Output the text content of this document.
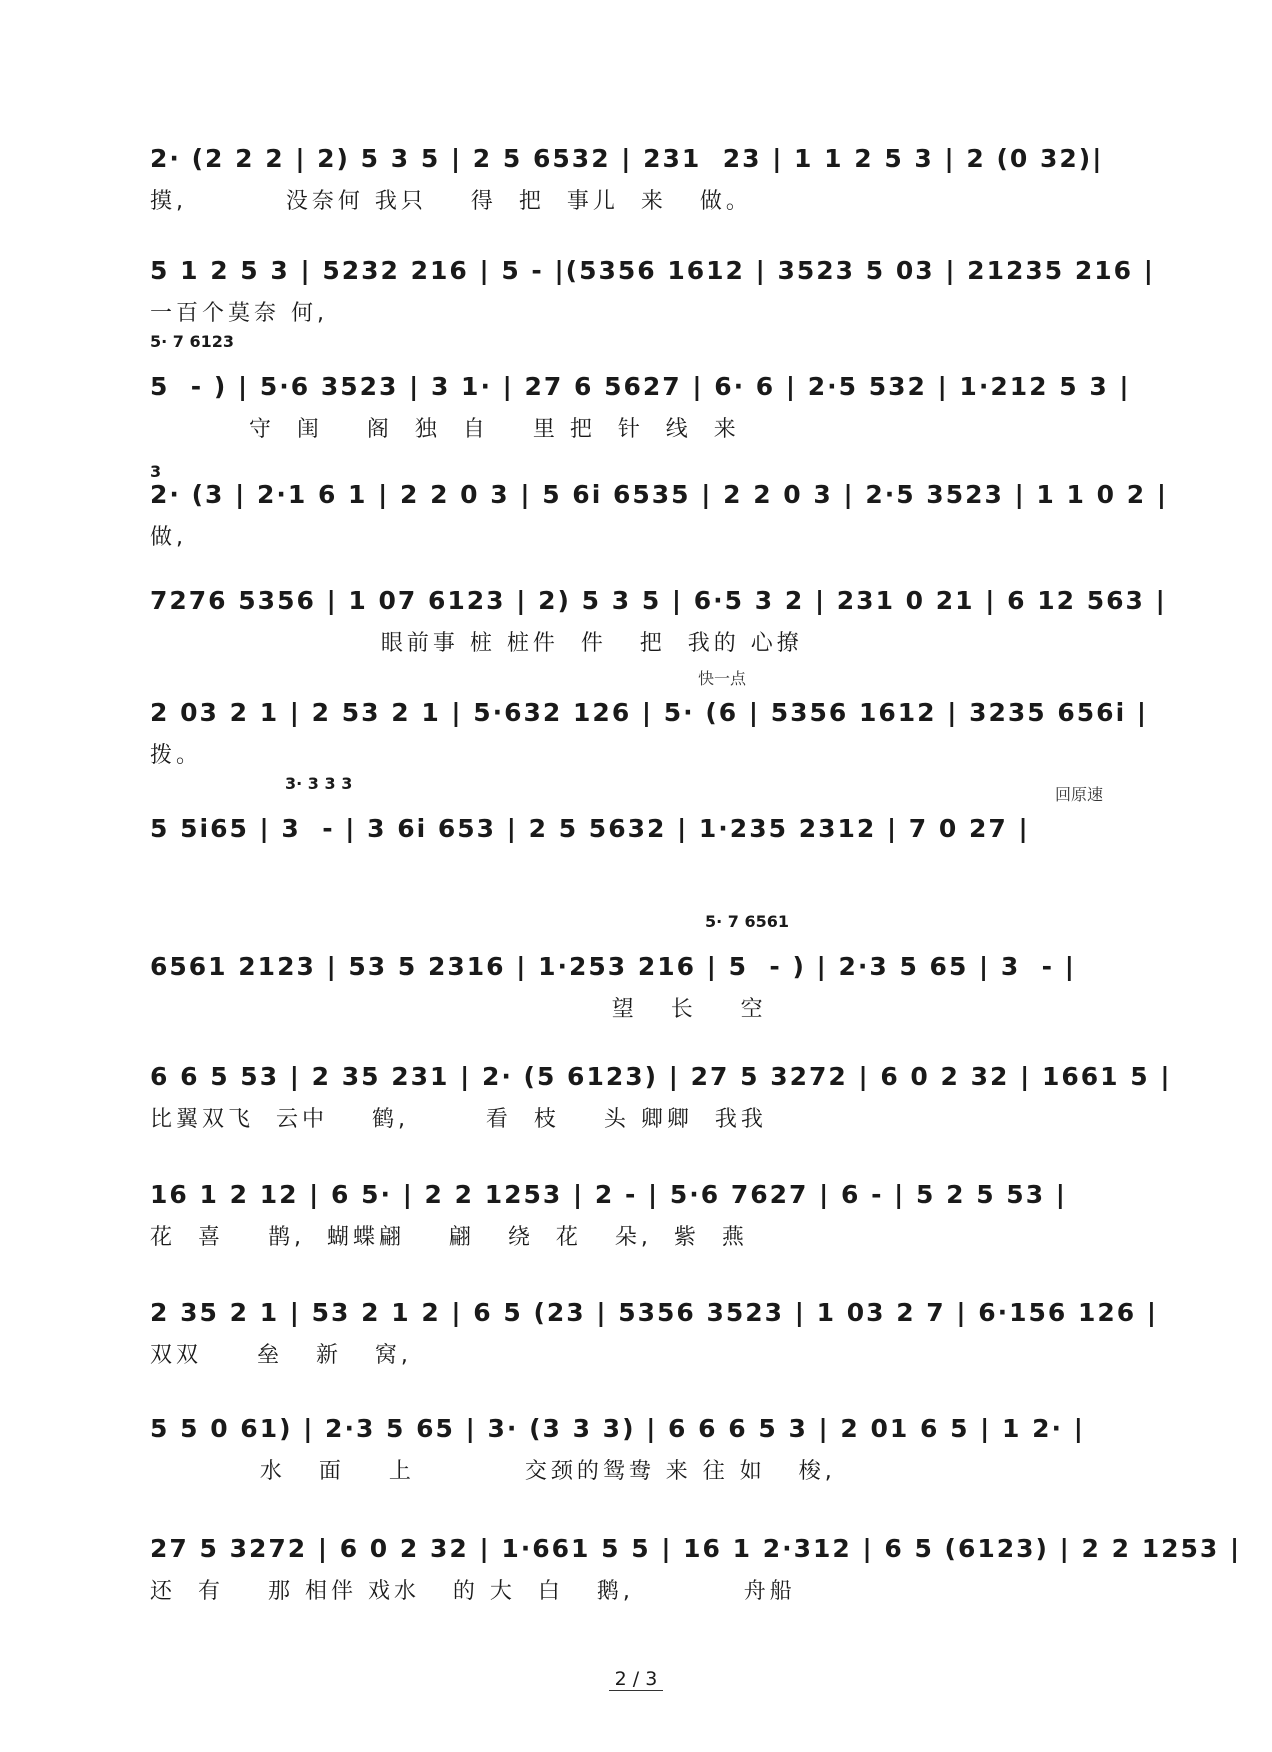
2· (2 2 2 | 2) 5 3 5 | 2 5 6532 | 231  23 | 1 1 2 5 3 | 2 (0 32)|
摸,         没奈何 我只    得  把  事儿  来   做。
5 1 2 5 3 | 5232 216 | 5 - |(5356 1612 | 3523 5 03 | 21235 216 |
一百个莫奈 何,
5· 7 6123
5  - ) | 5·6 3523 | 3 1· | 27 6 5627 | 6· 6 | 2·5 532 | 1·212 5 3 |
守  闺    阁  独  自    里 把  针  线  来
3
2· (3 | 2·1 6 1 | 2 2 0 3 | 5 6i 6535 | 2 2 0 3 | 2·5 3523 | 1 1 0 2 |
做,
7276 5356 | 1 07 6123 | 2) 5 3 5 | 6·5 3 2 | 231 0 21 | 6 12 563 |
眼前事 桩 桩件  件   把  我的 心撩
快一点
2 03 2 1 | 2 53 2 1 | 5·632 126 | 5· (6 | 5356 1612 | 3235 656i |
拨。
3· 3 3 3
回原速
5 5i65 | 3  - | 3 6i 653 | 2 5 5632 | 1·235 2312 | 7 0 27 |
5· 7 6561
6561 2123 | 53 5 2316 | 1·253 216 | 5  - ) | 2·3 5 65 | 3  - |
望   长    空
6 6 5 53 | 2 35 231 | 2· (5 6123) | 27 5 3272 | 6 0 2 32 | 1661 5 |
比翼双飞  云中    鹤,       看  枝    头 卿卿  我我
16 1 2 12 | 6 5· | 2 2 1253 | 2 - | 5·6 7627 | 6 - | 5 2 5 53 |
花  喜    鹊,  蝴蝶翩    翩   绕  花   朵,  紫  燕
2 35 2 1 | 53 2 1 2 | 6 5 (23 | 5356 3523 | 1 03 2 7 | 6·156 126 |
双双     垒   新   窝,
5 5 0 61) | 2·3 5 65 | 3· (3 3 3) | 6 6 6 5 3 | 2 01 6 5 | 1 2· |
水   面    上          交颈的鸳鸯 来 往 如   梭,
27 5 3272 | 6 0 2 32 | 1·661 5 5 | 16 1 2·312 | 6 5 (6123) | 2 2 1253 |
还  有    那 相伴 戏水   的 大  白   鹅,          舟船
2 / 3
